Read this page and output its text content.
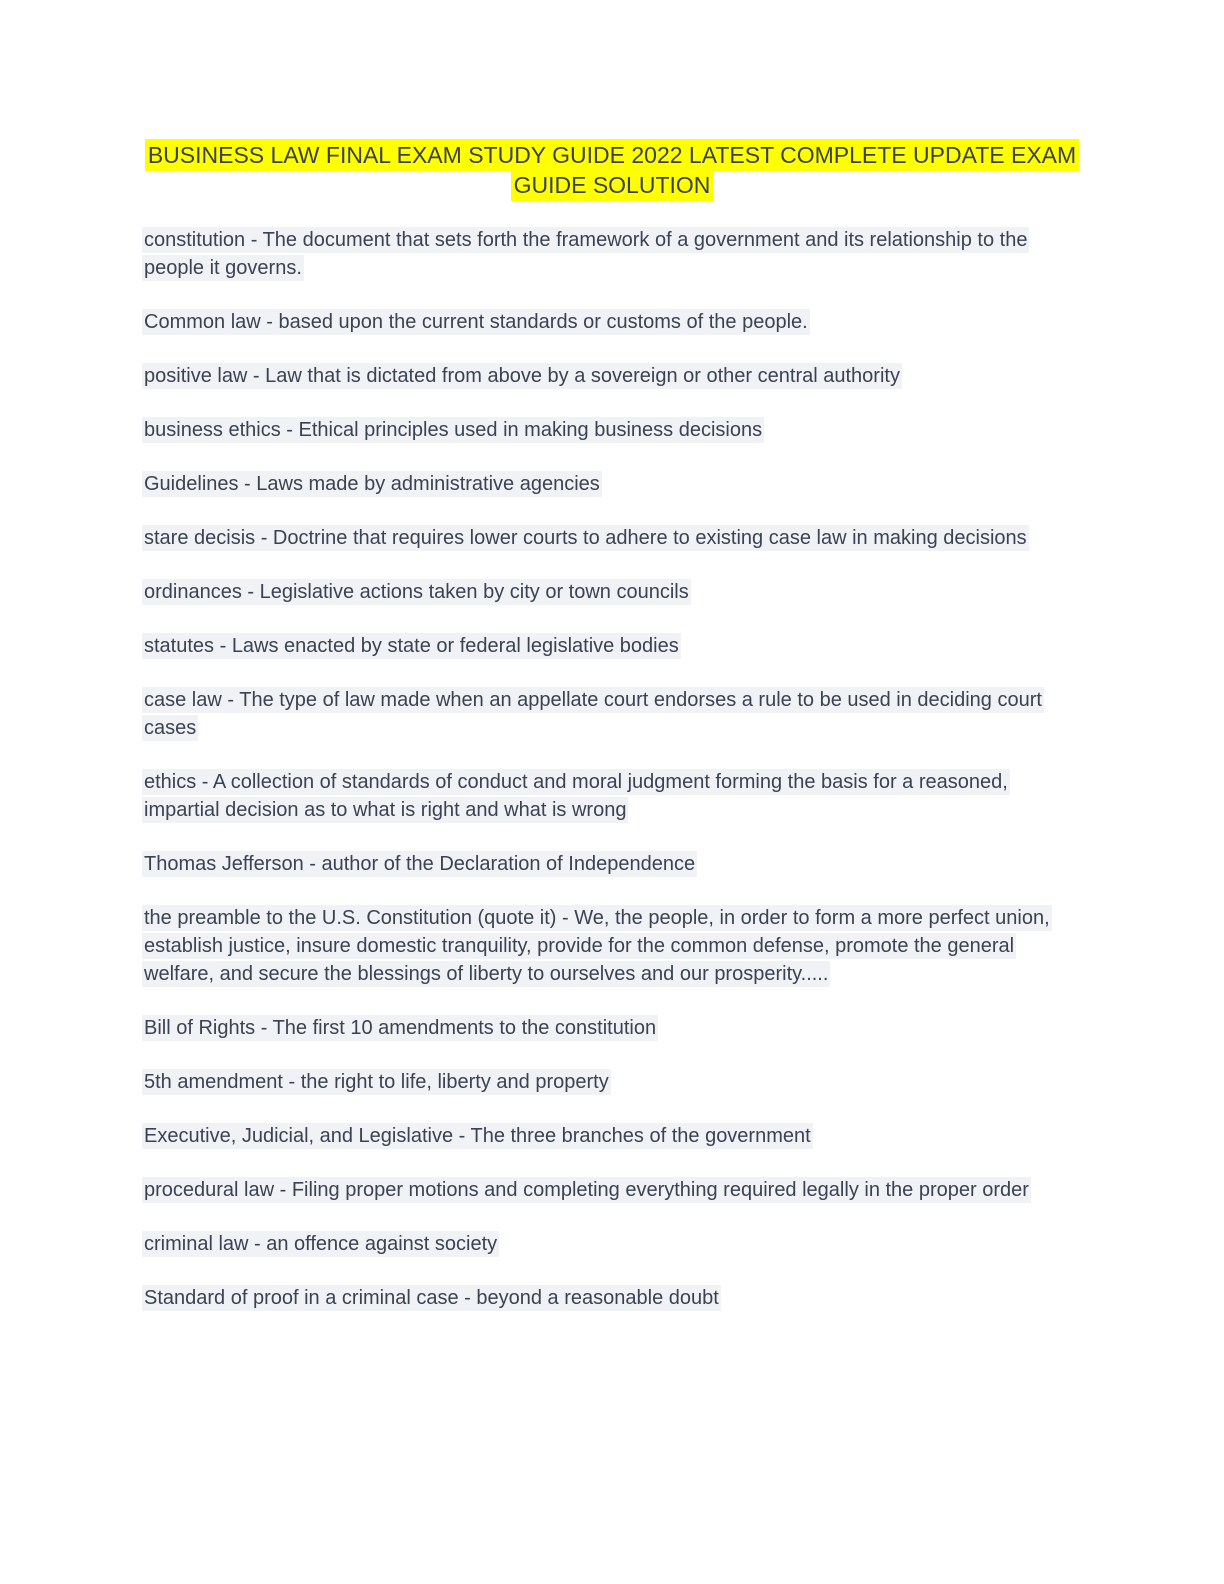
BUSINESS LAW FINAL EXAM STUDY GUIDE 2022 LATEST COMPLETE UPDATE EXAM GUIDE SOLUTION

constitution - The document that sets forth the framework of a government and its relationship to the people it governs.

Common law - based upon the current standards or customs of the people.

positive law - Law that is dictated from above by a sovereign or other central authority

business ethics - Ethical principles used in making business decisions

Guidelines - Laws made by administrative agencies

stare decisis - Doctrine that requires lower courts to adhere to existing case law in making decisions

ordinances - Legislative actions taken by city or town councils

statutes - Laws enacted by state or federal legislative bodies

case law - The type of law made when an appellate court endorses a rule to be used in deciding court cases

ethics - A collection of standards of conduct and moral judgment forming the basis for a reasoned, impartial decision as to what is right and what is wrong

Thomas Jefferson - author of the Declaration of Independence

the preamble to the U.S. Constitution (quote it) - We, the people, in order to form a more perfect union, establish justice, insure domestic tranquility, provide for the common defense, promote the general welfare, and secure the blessings of liberty to ourselves and our prosperity.....

Bill of Rights - The first 10 amendments to the constitution

5th amendment - the right to life, liberty and property

Executive, Judicial, and Legislative - The three branches of the government

procedural law - Filing proper motions and completing everything required legally in the proper order

criminal law - an offence against society

Standard of proof in a criminal case - beyond a reasonable doubt
